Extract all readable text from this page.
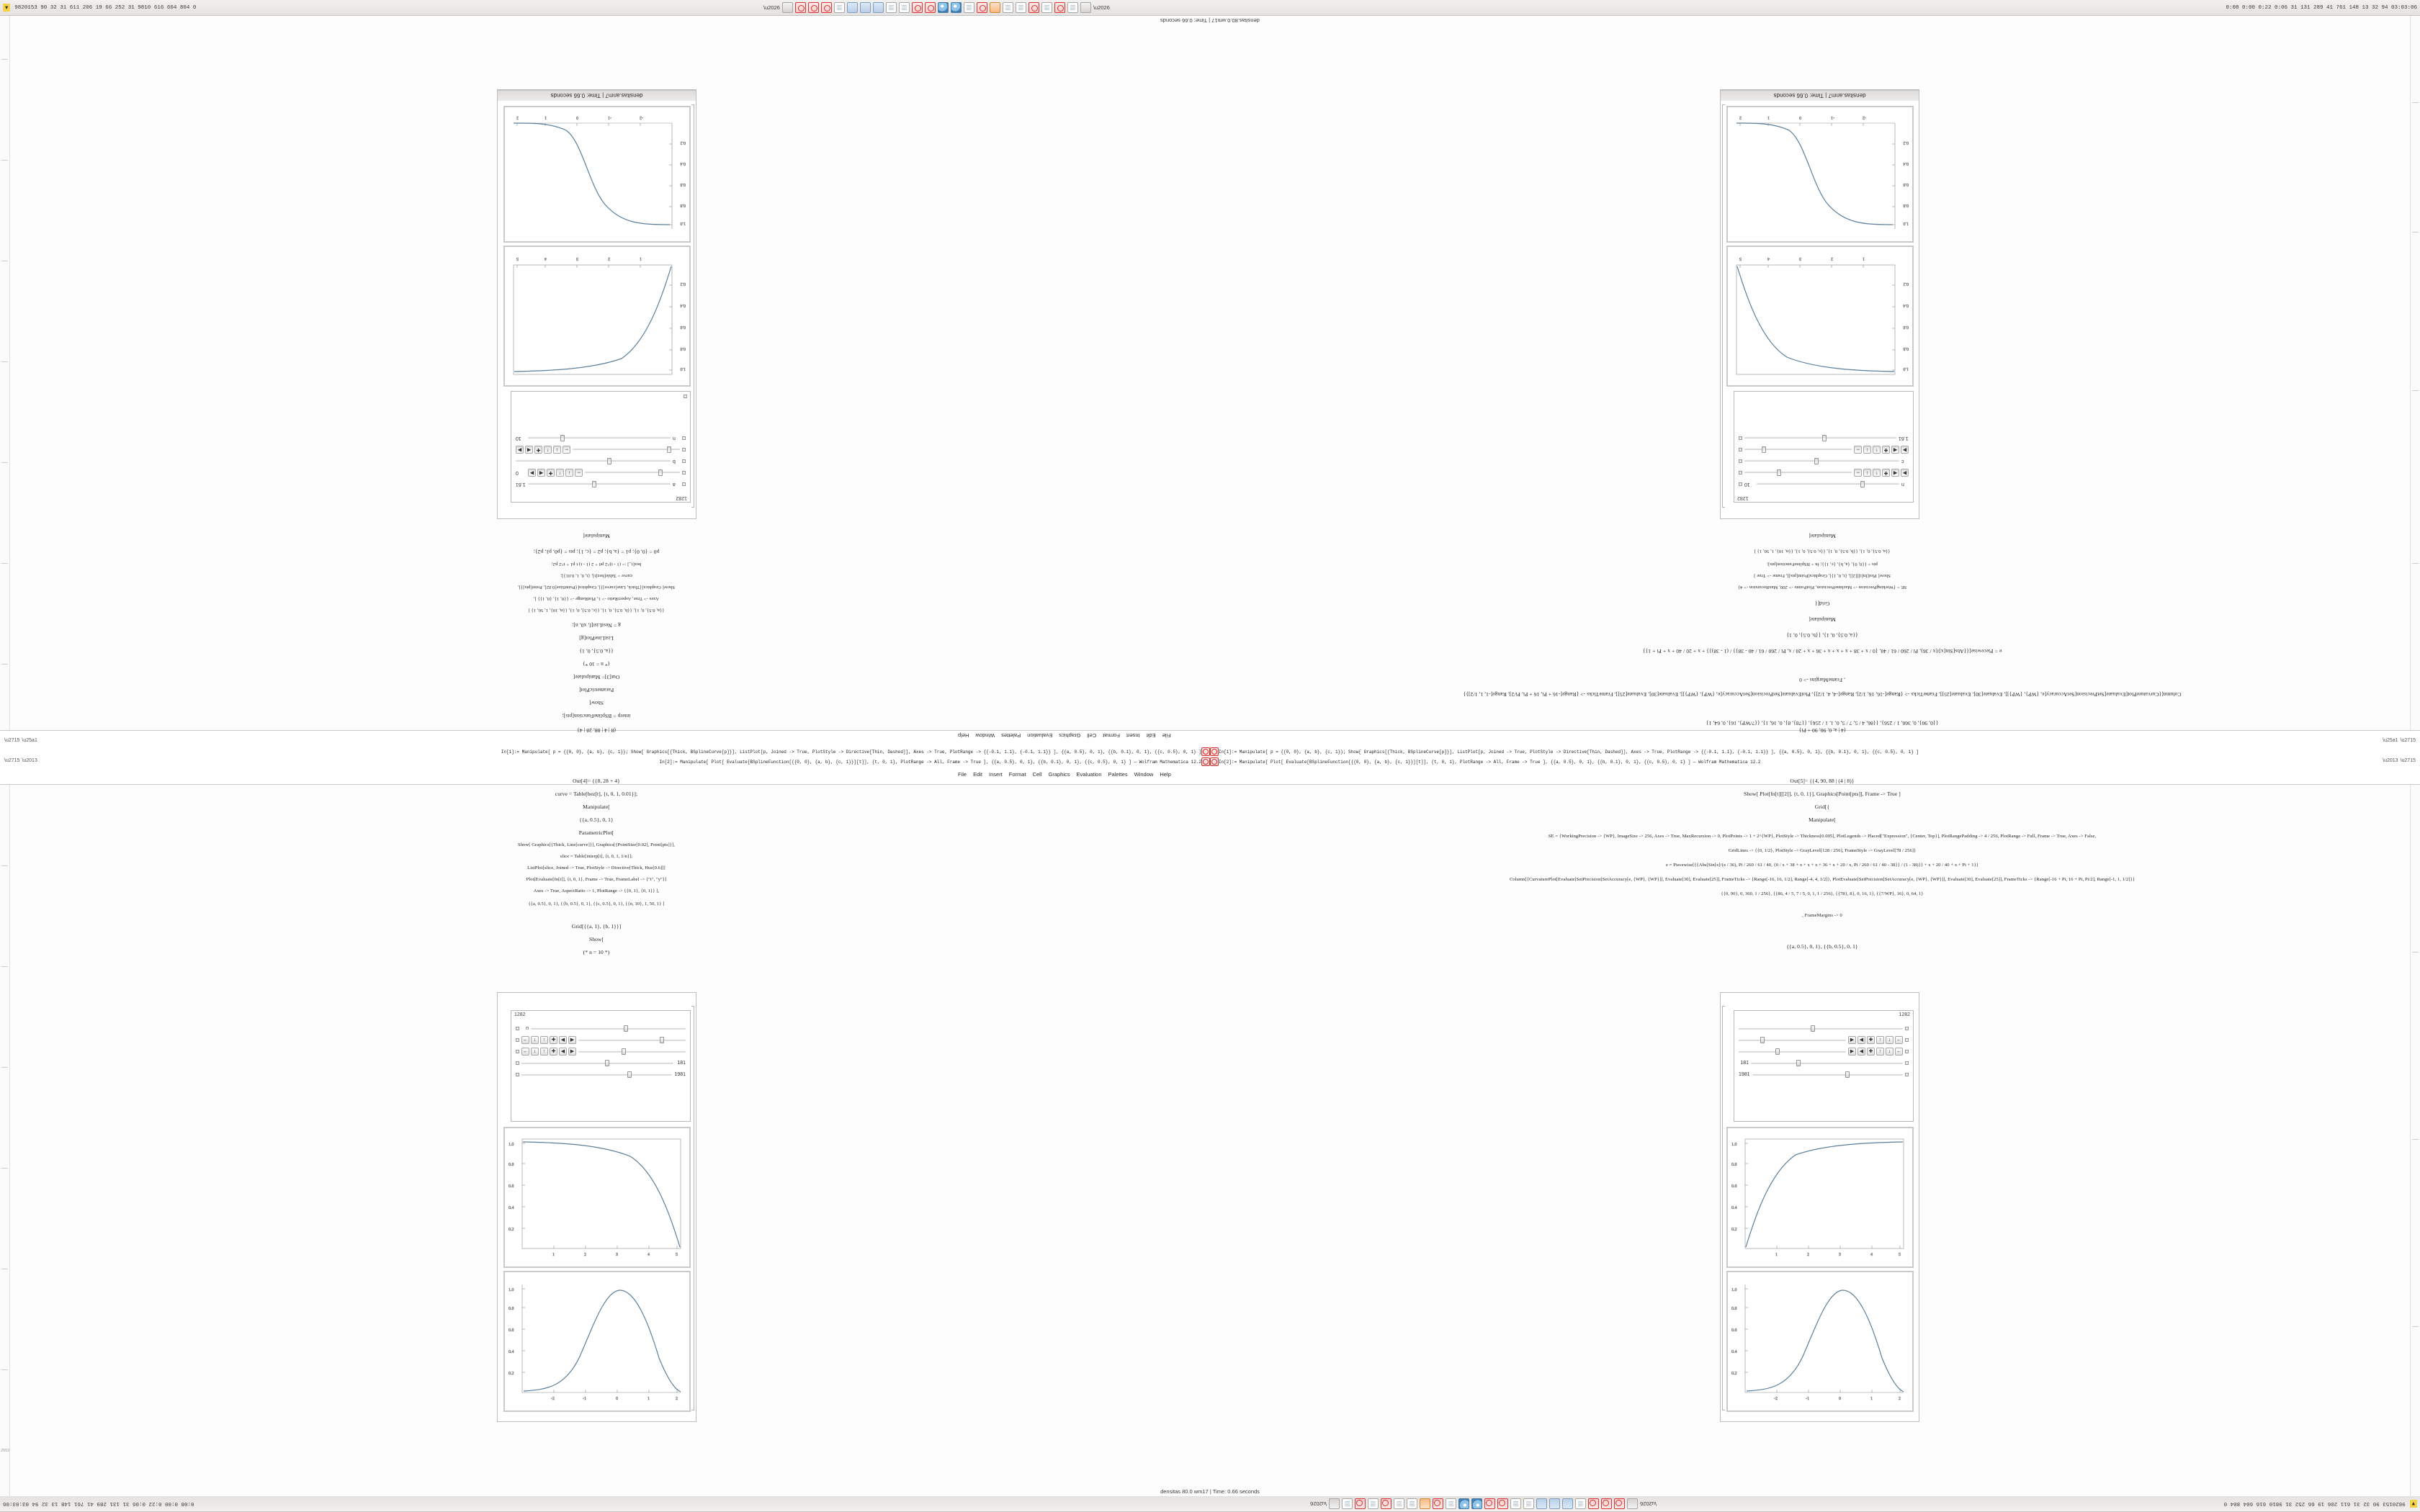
▾	9820153 90 32 31 611 206 19 66 252 31 9810 616 604 804 0	\u2026	\u2026	0:08 0:00 0:22 0:06 31 131 289 41 761 148 13 32 94 03:03:06
densitas.80.0.wm17 | Time: 0.66 seconds
2553
densitas.anm7 | Time: 0.66 seconds
-2
-1
0
1
2
0.2
0.4
0.6
0.8
1.0
1
2
3
4
5
0.2
0.4
0.6
0.8
1.0
1282
a
1.61
←
↓
↑
✚
◀
▶
0
b
←
↓
↑
✚
◀
▶
n
10
densitas.anm7 | Time: 0.66 seconds
-2
-1
0
1
2
0.2
0.4
0.6
0.8
1.0
1
2
3
4
5
0.2
0.4
0.6
0.8
1.0
1282
n
10
▶
◀
✚
↑
↓
←
c
▶
◀
✚
↑
↓
←
1.61
1282
n
←	↓	↑	✚	◀	▶
←	↓	↑	✚	◀	▶
181
1981
1	2	3	4	5
0.2
0.4
0.6
0.8
1.0
-2	-1	0	1	2
0.2
0.4
0.6
0.8
1.0
1282
▶	◀	✚	↑	↓	←
▶	◀	✚	↑	↓	←
181
1981
1	2	3	4	5
0.2
0.4
0.6
0.8
1.0
-2	-1	0	1	2
0.2
0.4
0.6
0.8
1.0
Manipulate[
p0 = {0, 0}; p1 = {a, b}; p2 = {c, 1}; pts = {p0, p1, p2};
bez[t_] := (1 - t)^2 p0 + 2 (1 - t) t p1 + t^2 p2;
curve = Table[bez[t], {t, 0, 1, 0.01}];
Show[ Graphics[{Thick, Line[curve]}], Graphics[{PointSize[0.02], Point[pts]}],
Axes -> True, AspectRatio -> 1, PlotRange -> {{0, 1}, {0, 1}} ],
{{a, 0.5}, 0, 1}, {{b, 0.5}, 0, 1}, {{c, 0.5}, 0, 1}, {{n, 10}, 1, 50, 1} ]
g = NestList[f, x0, n];
ListLinePlot[g]
{{a, 0.5}, 0, 1}
(* n = 10 *)
Out[3]= Manipulate[
ParametricPlot[
Show[
interp = BSplineFunction[pts];
Manipulate[
{{a, 0.5}, 0, 1}, {{b, 0.5}, 0, 1}, {{c, 0.5}, 0, 1}, {{n, 10}, 1, 50, 1} ]
pts = {{0, 0}, {a, b}, {c, 1}}; fn = BSplineFunction[pts];
Show[ Plot[fn[t][[2]], {t, 0, 1}], Graphics[Point[pts]], Frame -> True ]
SE = {WorkingPrecision -> MachinePrecision, PlotPoints -> 200, MaxRecursion -> 4}
Grid[{
Manipulate[
{{a, 0.5}, 0, 1}, {{b, 0.5}, 0, 1}
e = Piecewise[{{Abs[Sin[x]/(x / 36), Pi / 260 / 61 / 40, {0 / x + 38 + x + x + x + 36 + x + 20 / x, Pi / 260 / 61 / 40 - 38}} / (1 - 38)}} + x + 20 / 40 + x + Pi + 1}}
, FrameMargins -> 0
Column[{CurvaturePlot[Evaluate[SetPrecision[SetAccuracy[e, {WP}, {WP}]], Evaluate[30], Evaluate[25]], FrameTicks -> {Range[-16, 16, 1/2], Range[-4, 4, 1/2]}, PlotEvaluate[SetPrecision[SetAccuracy[e, {WP}, {WP}]], Evaluate[30], Evaluate[25]], FrameTicks -> {Range[-16 + Pi, 16 + Pi, Pi/2], Range[-1, 1, 1/2]}}
{{0, 90}, 0, 360, 1 / 256}, {{86, 4 / 5, 7 / 5, 0, 1, 1 / 256}, {{78}, 8}, 0, 16, 1}, {{7/WP}, 16}, 0, 64, 1}
File
Edit
Insert
Format
Cell
Graphics
Evaluation
Palettes
Window
Help
In[1]:= Manipulate[ p = {{0, 0}, {a, b}, {c, 1}}; Show[ Graphics[{Thick, BSplineCurve[p]}], ListPlot[p, Joined -> True, PlotStyle -> Directive[Thin, Dashed]], Axes -> True, PlotRange -> {{-0.1, 1.1}, {-0.1, 1.1}} ], {{a, 0.5}, 0, 1}, {{b, 0.1}, 0, 1}, {{c, 0.5}, 0, 1} ]	In[1]:= Manipulate[ p = {{0, 0}, {a, b}, {c, 1}}; Show[ Graphics[{Thick, BSplineCurve[p]}], ListPlot[p, Joined -> True, PlotStyle -> Directive[Thin, Dashed]], Axes -> True, PlotRange -> {{-0.1, 1.1}, {-0.1, 1.1}} ], {{a, 0.5}, 0, 1}, {{b, 0.1}, 0, 1}, {{c, 0.5}, 0, 1} ]
In[2]:= Manipulate[ Plot[ Evaluate[BSplineFunction[{{0, 0}, {a, b}, {c, 1}}][t]], {t, 0, 1}, PlotRange -> All, Frame -> True ], {{a, 0.5}, 0, 1}, {{b, 0.1}, 0, 1}, {{c, 0.5}, 0, 1} ] — Wolfram Mathematica 12.2	In[2]:= Manipulate[ Plot[ Evaluate[BSplineFunction[{{0, 0}, {a, b}, {c, 1}}][t]], {t, 0, 1}, PlotRange -> All, Frame -> True ], {{a, 0.5}, 0, 1}, {{b, 0.1}, 0, 1}, {{c, 0.5}, 0, 1} ] — Wolfram Mathematica 12.2
File Edit Insert Format Cell Graphics Evaluation Palettes Window Help
\u2715 \u25a1
\u2715 \u2013
\u25a1 \u2715
\u2013 \u2715
curve = Table[bez[t], {t, 0, 1, 0.01}];
Manipulate[
{{a, 0.5}, 0, 1}
ParametricPlot[
Show[ Graphics[{Thick, Line[curve]}], Graphics[{PointSize[0.02], Point[pts]}],
slice = Table[interp[t], {t, 0, 1, 1/n}];
ListPlot[slice, Joined -> True, PlotStyle -> Directive[Thick, Hue[0.6]]]
Plot[Evaluate[fn[t]], {t, 0, 1}, Frame -> True, FrameLabel -> {"t", "y"}]
Axes -> True, AspectRatio -> 1, PlotRange -> {{0, 1}, {0, 1}} ],
{{a, 0.5}, 0, 1}, {{b, 0.5}, 0, 1}, {{c, 0.5}, 0, 1}, {{n, 10}, 1, 50, 1} ]
Grid[{{a, 1}, {b, 1}}]
Show[
(* n = 10 *)
Show[ Plot[fn[t][[2]], {t, 0, 1}], Graphics[Point[pts]], Frame -> True ]
Grid[{
Manipulate[
SE = {WorkingPrecision -> {WP}, ImageSize -> 256, Axes -> True, MaxRecursion -> 0, PlotPoints -> 1 + 2^{WP}, PlotStyle -> Thickness[0.005], PlotLegends -> Placed["Expression", {Center, Top}], PlotRangePadding -> 4 / 256, PlotRange -> Full, Frame -> True, Axes -> False,
GridLines -> {{0, 1/2}, PlotStyle -> GrayLevel[128 / 256], FrameStyle -> GrayLevel[78 / 256]}
e = Piecewise[{{Abs[Sin[x]/(x / 36), Pi / 260 / 61 / 40, {0 / x + 38 + x + x + x + 36 + x + 20 / x, Pi / 260 / 61 / 40 - 38}} / (1 - 38)}} + x + 20 / 40 + x + Pi + 1}}
Column[{CurvaturePlot[Evaluate[SetPrecision[SetAccuracy[e, {WP}, {WP}]], Evaluate[30], Evaluate[25]], FrameTicks -> {Range[-16, 16, 1/2], Range[-4, 4, 1/2]}, PlotEvaluate[SetPrecision[SetAccuracy[e, {WP}, {WP}]], Evaluate[30], Evaluate[25]], FrameTicks -> {Range[-16 + Pi, 16 + Pi, Pi/2], Range[-1, 1, 1/2]}}
{{0, 90}, 0, 360, 1 / 256}, {{86, 4 / 5, 7 / 5, 0, 1, 1 / 256}, {{78}, 8}, 0, 16, 1}, {{7/WP}, 16}, 0, 64, 1}
, FrameMargins -> 0
{{a, 0.5}, 0, 1}, {{b, 0.5}, 0, 1}
Out[4]= {{8, 28 + 4}	Out[5]= {{4, 90, 88 | (4 | 8)}
(8 | 4 | 88, 28 | 4}	(4 | a, 0, 90, 90 + Pi}
▾
9820153 90 32 31 611 206 19 66 252 31 9810 616 604 804 0
\u2026
\u2026
0:08 0:00 0:22 0:06 31 131 289 41 761 148 13 32 94 03:03:06
densitas 80.0 wm17 | Time: 0.66 seconds
